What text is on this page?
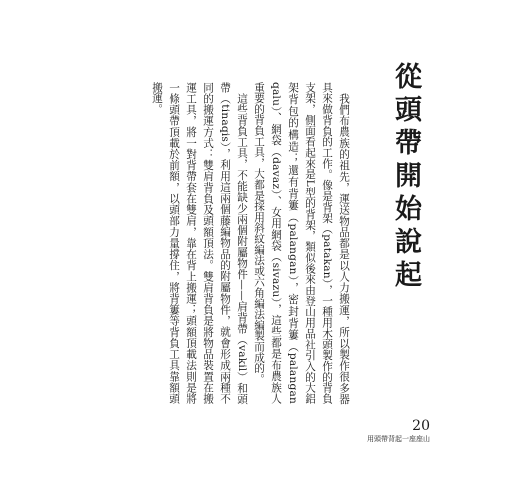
從頭帶開始說起

我們布農族的祖先，運送物品都是以人力搬運，所以製作很多器具來做背負的工作。像是背架（patakan），一種用木頭製作的背負支架，側面看起來是L型的背架，類似後來由登山用品社引入的大鋁架背包的構造；還有背簍（palangan），密封背簍（palangan qalu）、網袋（davaz）、女用網袋（sivazu），這些都是布農族人重要的背負工具，大都是採用斜紋編法或六角編法編製而成的。

這些背負工具，不能缺少兩個附屬物件——肩背帶（vakil）和頭帶（tinaqis），利用這兩個藤編物品的附屬物件，就會形成兩種不同的搬運方式：雙肩背負及頭額頂法。雙肩背負是將物品裝置在搬運工具，將一對背帶套在雙肩，靠在背上搬運；頭額頂載法則是將一條頭帶頂載於前額，以頭部力量撐住，將背簍等背負工具靠額頭搬運。

20
用頭帶背起一座座山
